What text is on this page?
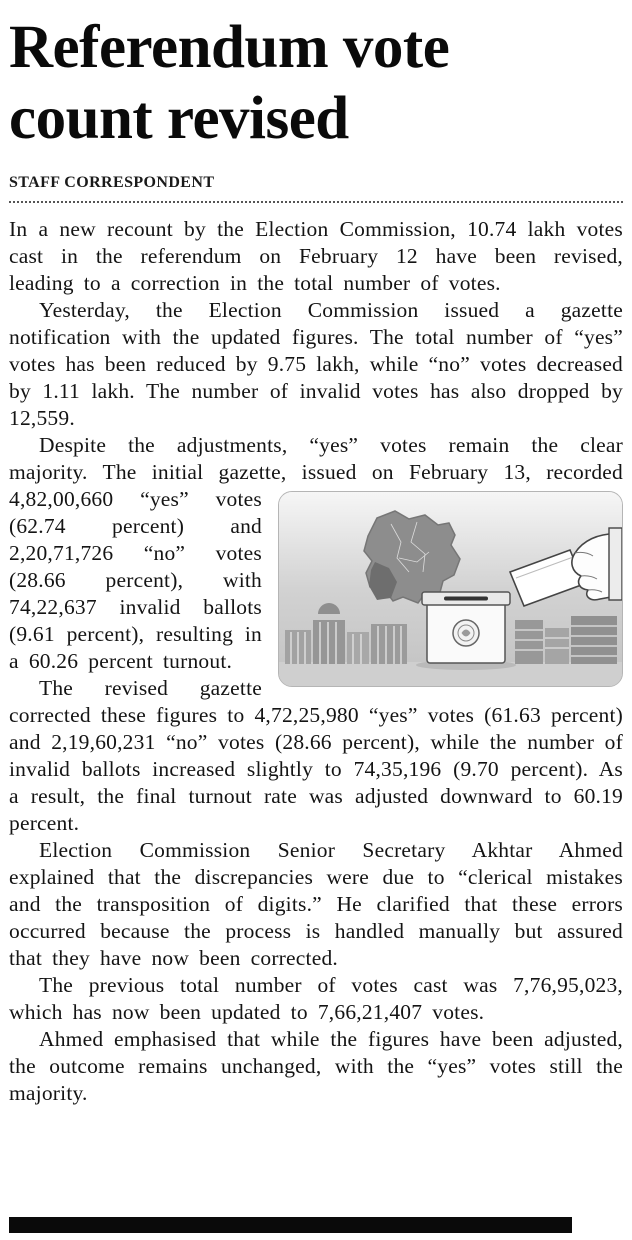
Referendum vote
count revised
STAFF CORRESPONDENT

In a new recount by the Election Commission, 10.74 lakh votes cast in the referendum on February 12 have been revised, leading to a correction in the total number of votes.

Yesterday, the Election Commission issued a gazette notification with the updated figures. The total number of “yes” votes has been reduced by 9.75 lakh, while “no” votes decreased by 1.11 lakh. The number of invalid votes has also dropped by 12,559.

Despite the adjustments, “yes” votes remain the clear majority. The initial gazette, issued on February 13,
recorded 4,82,00,660 “yes” votes (62.74 percent) and 2,20,71,726 “no” votes (28.66 percent), with 74,22,637 invalid ballots (9.61 percent), resulting in a 60.26 percent turnout.

The revised gazette corrected these figures to 4,72,25,980 “yes” votes (61.63 percent) and 2,19,60,231 “no” votes (28.66 percent), while the number of invalid ballots increased slightly to 74,35,196 (9.70 percent). As a result, the final turnout rate was adjusted downward to 60.19 percent.

Election Commission Senior Secretary Akhtar Ahmed explained that the discrepancies were due to “clerical mistakes and the transposition of digits.” He clarified that these errors occurred because the process is handled manually but assured that they have now been corrected.

The previous total number of votes cast was 7,76,95,023, which has now been updated to 7,66,21,407 votes.

Ahmed emphasised that while the figures have been adjusted, the outcome remains unchanged, with the “yes” votes still the majority.
